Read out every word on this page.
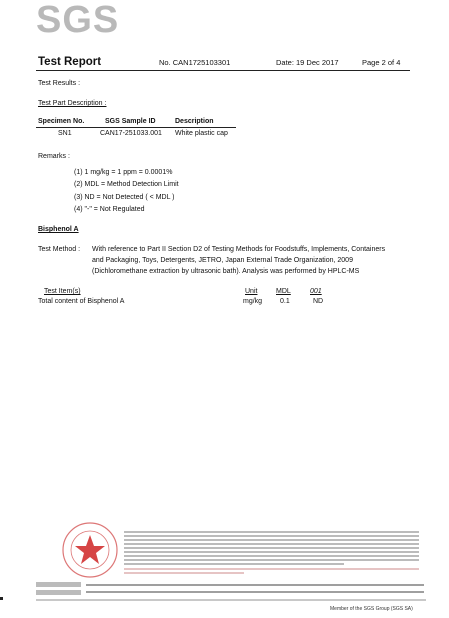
SGS
Test Report	No. CAN1725103301	Date: 19 Dec 2017	Page 2 of 4
Test Results :
Test Part Description :
Specimen No.	SGS Sample ID	Description
SN1	CAN17-251033.001 White plastic cap
Remarks :
(1) 1 mg/kg = 1 ppm = 0.0001%
(2) MDL = Method Detection Limit
(3) ND = Not Detected ( < MDL )
(4) "-" = Not Regulated
Bisphenol A
Test Method : With reference to Part II Section D2 of Testing Methods for Foodstuffs, Implements, Containers
and Packaging, Toys, Detergents, JETRO, Japan External Trade Organization, 2009
(Dichloromethane extraction by ultrasonic bath). Analysis was performed by HPLC-MS
Test Item(s)	Unit	MDL	001
Total content of Bisphenol A	mg/kg	0.1	ND
Member of the SGS Group (SGS SA)
